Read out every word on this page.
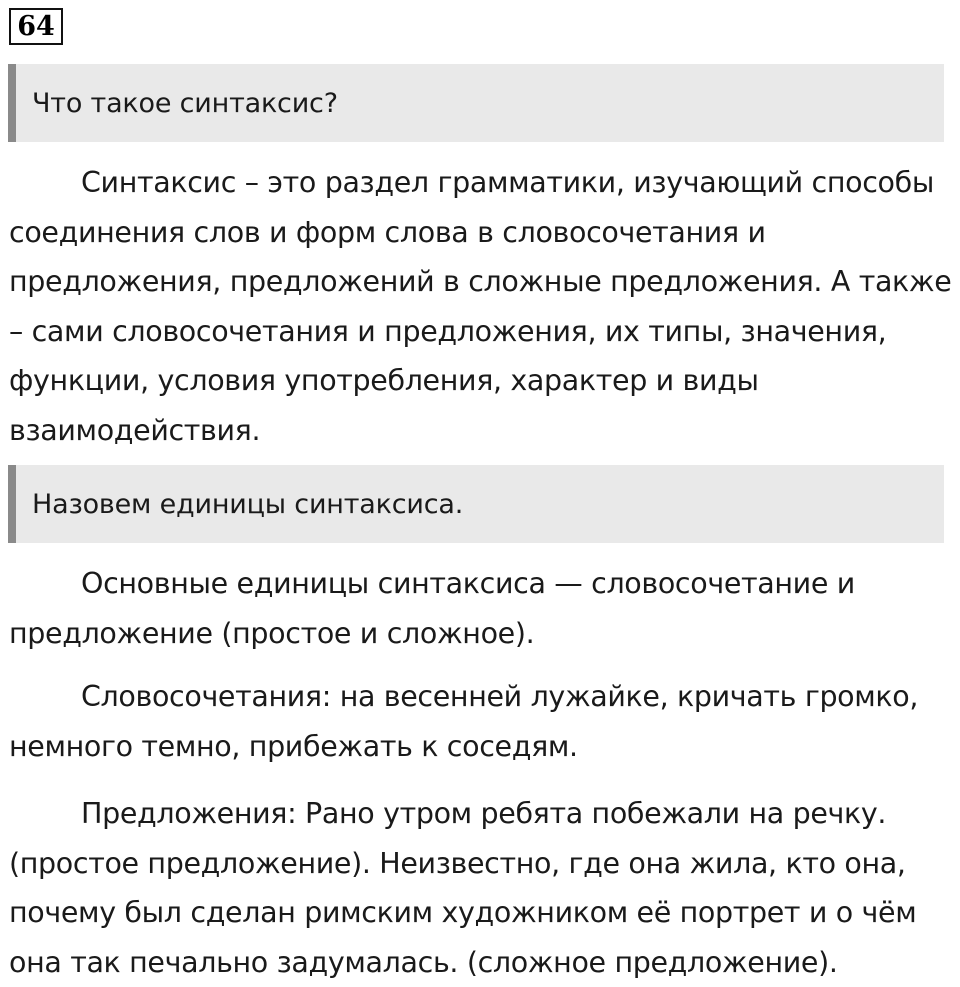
64
Что такое синтаксис?

Синтаксис – это раздел грамматики, изучающий способы соединения слов и форм слова в словосочетания и предложения, предложений в сложные предложения. А также – сами словосочетания и предложения, их типы, значения, функции, условия употребления, характер и виды взаимодействия.

Назовем единицы синтаксиса.

Основные единицы синтаксиса — словосочетание и предложение (простое и сложное).

Словосочетания: на весенней лужайке, кричать громко, немного темно, прибежать к соседям.

Предложения: Рано утром ребята побежали на речку. (простое предложение). Неизвестно, где она жила, кто она, почему был сделан римским художником её портрет и о чём она так печально задумалась. (сложное предложение).
